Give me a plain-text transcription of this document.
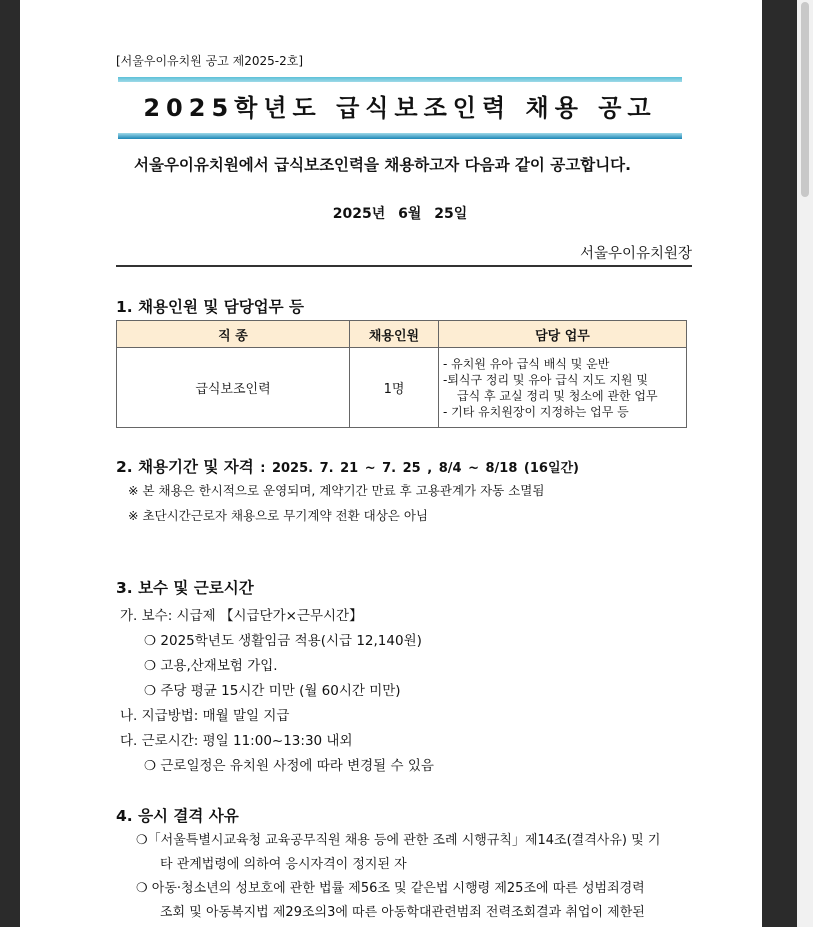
[서울우이유치원 공고 제2025-2호]
2025학년도 급식보조인력 채용 공고
서울우이유치원에서 급식보조인력을 채용하고자 다음과 같이 공고합니다.
2025년 6월 25일
서울우이유치원장
1. 채용인원 및 담당업무 등
직 종	채용인원	담당 업무
급식보조인력	1명	- 유치원 유아 급식 배식 및 운반
-퇴식구 정리 및 유아 급식 지도 지원 및
급식 후 교실 정리 및 청소에 관한 업무
- 기타 유치원장이 지정하는 업무 등
2. 채용기간 및 자격 : 2025. 7. 21 ~ 7. 25 , 8/4 ~ 8/18 (16일간)
※ 본 채용은 한시적으로 운영되며, 계약기간 만료 후 고용관계가 자동 소멸됨
※ 초단시간근로자 채용으로 무기계약 전환 대상은 아님
3. 보수 및 근로시간
가. 보수: 시급제 【시급단가×근무시간】
❍ 2025학년도 생활임금 적용(시급 12,140원)
❍ 고용,산재보험 가입.
❍ 주당 평균 15시간 미만 (월 60시간 미만)
나. 지급방법: 매월 말일 지급
다. 근로시간: 평일 11:00~13:30 내외
❍ 근로일정은 유치원 사정에 따라 변경될 수 있음
4. 응시 결격 사유
❍「서울특별시교육청 교육공무직원 채용 등에 관한 조례 시행규칙」제14조(결격사유) 및 기
타 관계법령에 의하여 응시자격이 정지된 자
❍ 아동·청소년의 성보호에 관한 법률 제56조 및 같은법 시행령 제25조에 따른 성범죄경력
조회 및 아동복지법 제29조의3에 따른 아동학대관련범죄 전력조회결과 취업이 제한된
